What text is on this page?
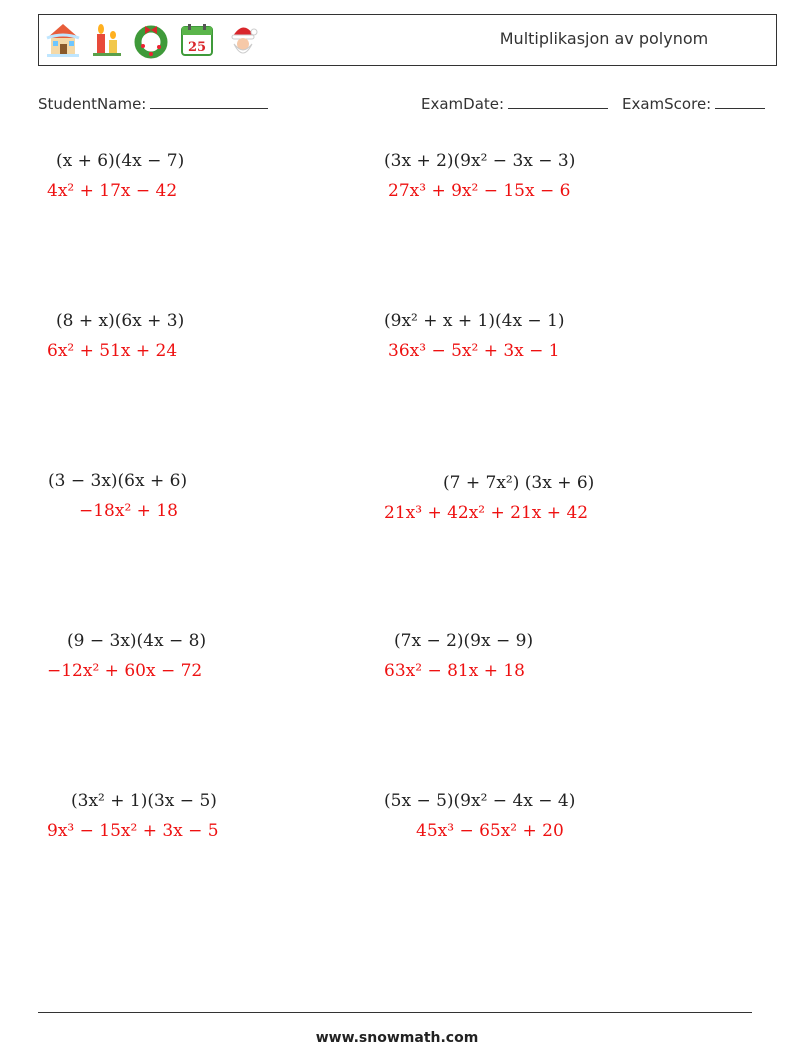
25	Multiplikasjon av polynom
StudentName:	ExamDate:	ExamScore:
(x + 6)(4x − 7)
4x² + 17x − 42
(3x + 2)(9x² − 3x − 3)
27x³ + 9x² − 15x − 6
(8 + x)(6x + 3)
6x² + 51x + 24
(9x² + x + 1)(4x − 1)
36x³ − 5x² + 3x − 1
(3 − 3x)(6x + 6)
−18x² + 18
(7 + 7x²) (3x + 6)
21x³ + 42x² + 21x + 42
(9 − 3x)(4x − 8)
−12x² + 60x − 72
(7x − 2)(9x − 9)
63x² − 81x + 18
(3x² + 1)(3x − 5)
9x³ − 15x² + 3x − 5
(5x − 5)(9x² − 4x − 4)
45x³ − 65x² + 20
www.snowmath.com
